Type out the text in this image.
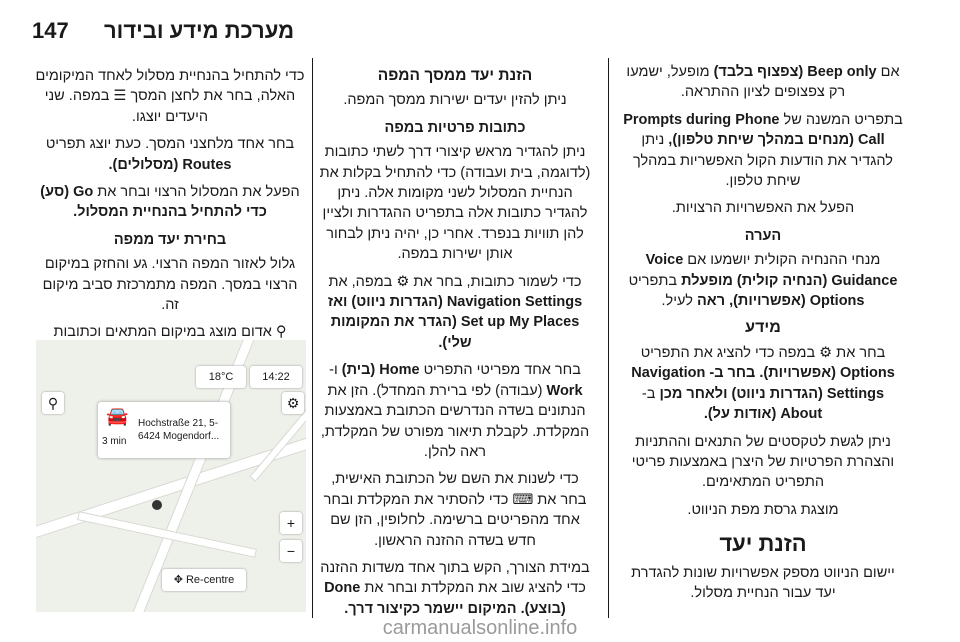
147 מערכת מידע ובידור

אם Beep only (צפצוף בלבד) מופעל, ישמעו רק צפצופים לציון ההתראה.

בתפריט המשנה של Prompts during Phone Call (מנחים במהלך שיחת טלפון), ניתן להגדיר את הודעות הקול האפשריות במהלך שיחת טלפון.

הפעל את האפשרויות הרצויות.

הערה

מנחי ההנחיה הקולית יושמעו אם Voice Guidance (הנחיה קולית) מופעלת בתפריט Options (אפשרויות), ראה לעיל.

מידע

בחר את ⚙ במפה כדי להציג את התפריט Options (אפשרויות). בחר ב- Navigation Settings (הגדרות ניווט) ולאחר מכן ב- About (אודות על).

ניתן לגשת לטקסטים של התנאים וההתניות והצהרת הפרטיות של היצרן באמצעות פריטי התפריט המתאימים.

מוצגת גרסת מפת הניווט.

הזנת יעד

יישום הניווט מספק אפשרויות שונות להגדרת יעד עבור הנחיית מסלול.

הזנת יעד ממסך המפה

ניתן להזין יעדים ישירות ממסך המפה.

כתובות פרטיות במפה

ניתן להגדיר מראש קיצורי דרך לשתי כתובות (לדוגמה, בית ועבודה) כדי להתחיל בקלות את הנחיית המסלול לשני מקומות אלה. ניתן להגדיר כתובות אלה בתפריט ההגדרות ולציין להן תוויות בנפרד. אחרי כן, יהיה ניתן לבחור אותן ישירות במפה.

כדי לשמור כתובות, בחר את ⚙ במפה, את Navigation Settings (הגדרות ניווט) ואז Set up My Places (הגדר את המקומות שלי).

בחר אחד מפריטי התפריט Home (בית) ו- Work (עבודה) לפי ברירת המחדל). הזן את הנתונים בשדה הנדרשים הכתובת באמצעות המקלדת. לקבלת תיאור מפורט של המקלדת, ראה להלן.

כדי לשנות את השם של הכתובת האישית, בחר את ⌨ כדי להסתיר את המקלדת ובחר אחד מהפריטים ברשימה. לחלופין, הזן שם חדש בשדה ההזנה הראשון.

במידת הצורך, הקש בתוך אחד משדות ההזנה כדי להציג שוב את המקלדת ובחר את Done (בוצע). המיקום יישמר כקיצור דרך.

כדי להתחיל בהנחיית מסלול לאחד המיקומים האלה, בחר את לחצן המסך ☰ במפה. שני היעדים יוצגו.

בחר אחד מלחצני המסך. כעת יוצג תפריט Routes (מסלולים).

הפעל את המסלול הרצוי ובחר את Go (סע) כדי להתחיל בהנחיית המסלול.

בחירת יעד ממפה

גלול לאזור המפה הרצוי. גע והחזק במיקום הרצוי במסך. המפה מתמרכזת סביב מיקום זה.

⚲ אדום מוצג במיקום המתאים וכתובות

18°C	14:22
⚙
⚲
🚘
3 min
Hochstraße 21, 5-
6424 Mogendorf...
+
−
✥ Re-centre
carmanualsonline.info
